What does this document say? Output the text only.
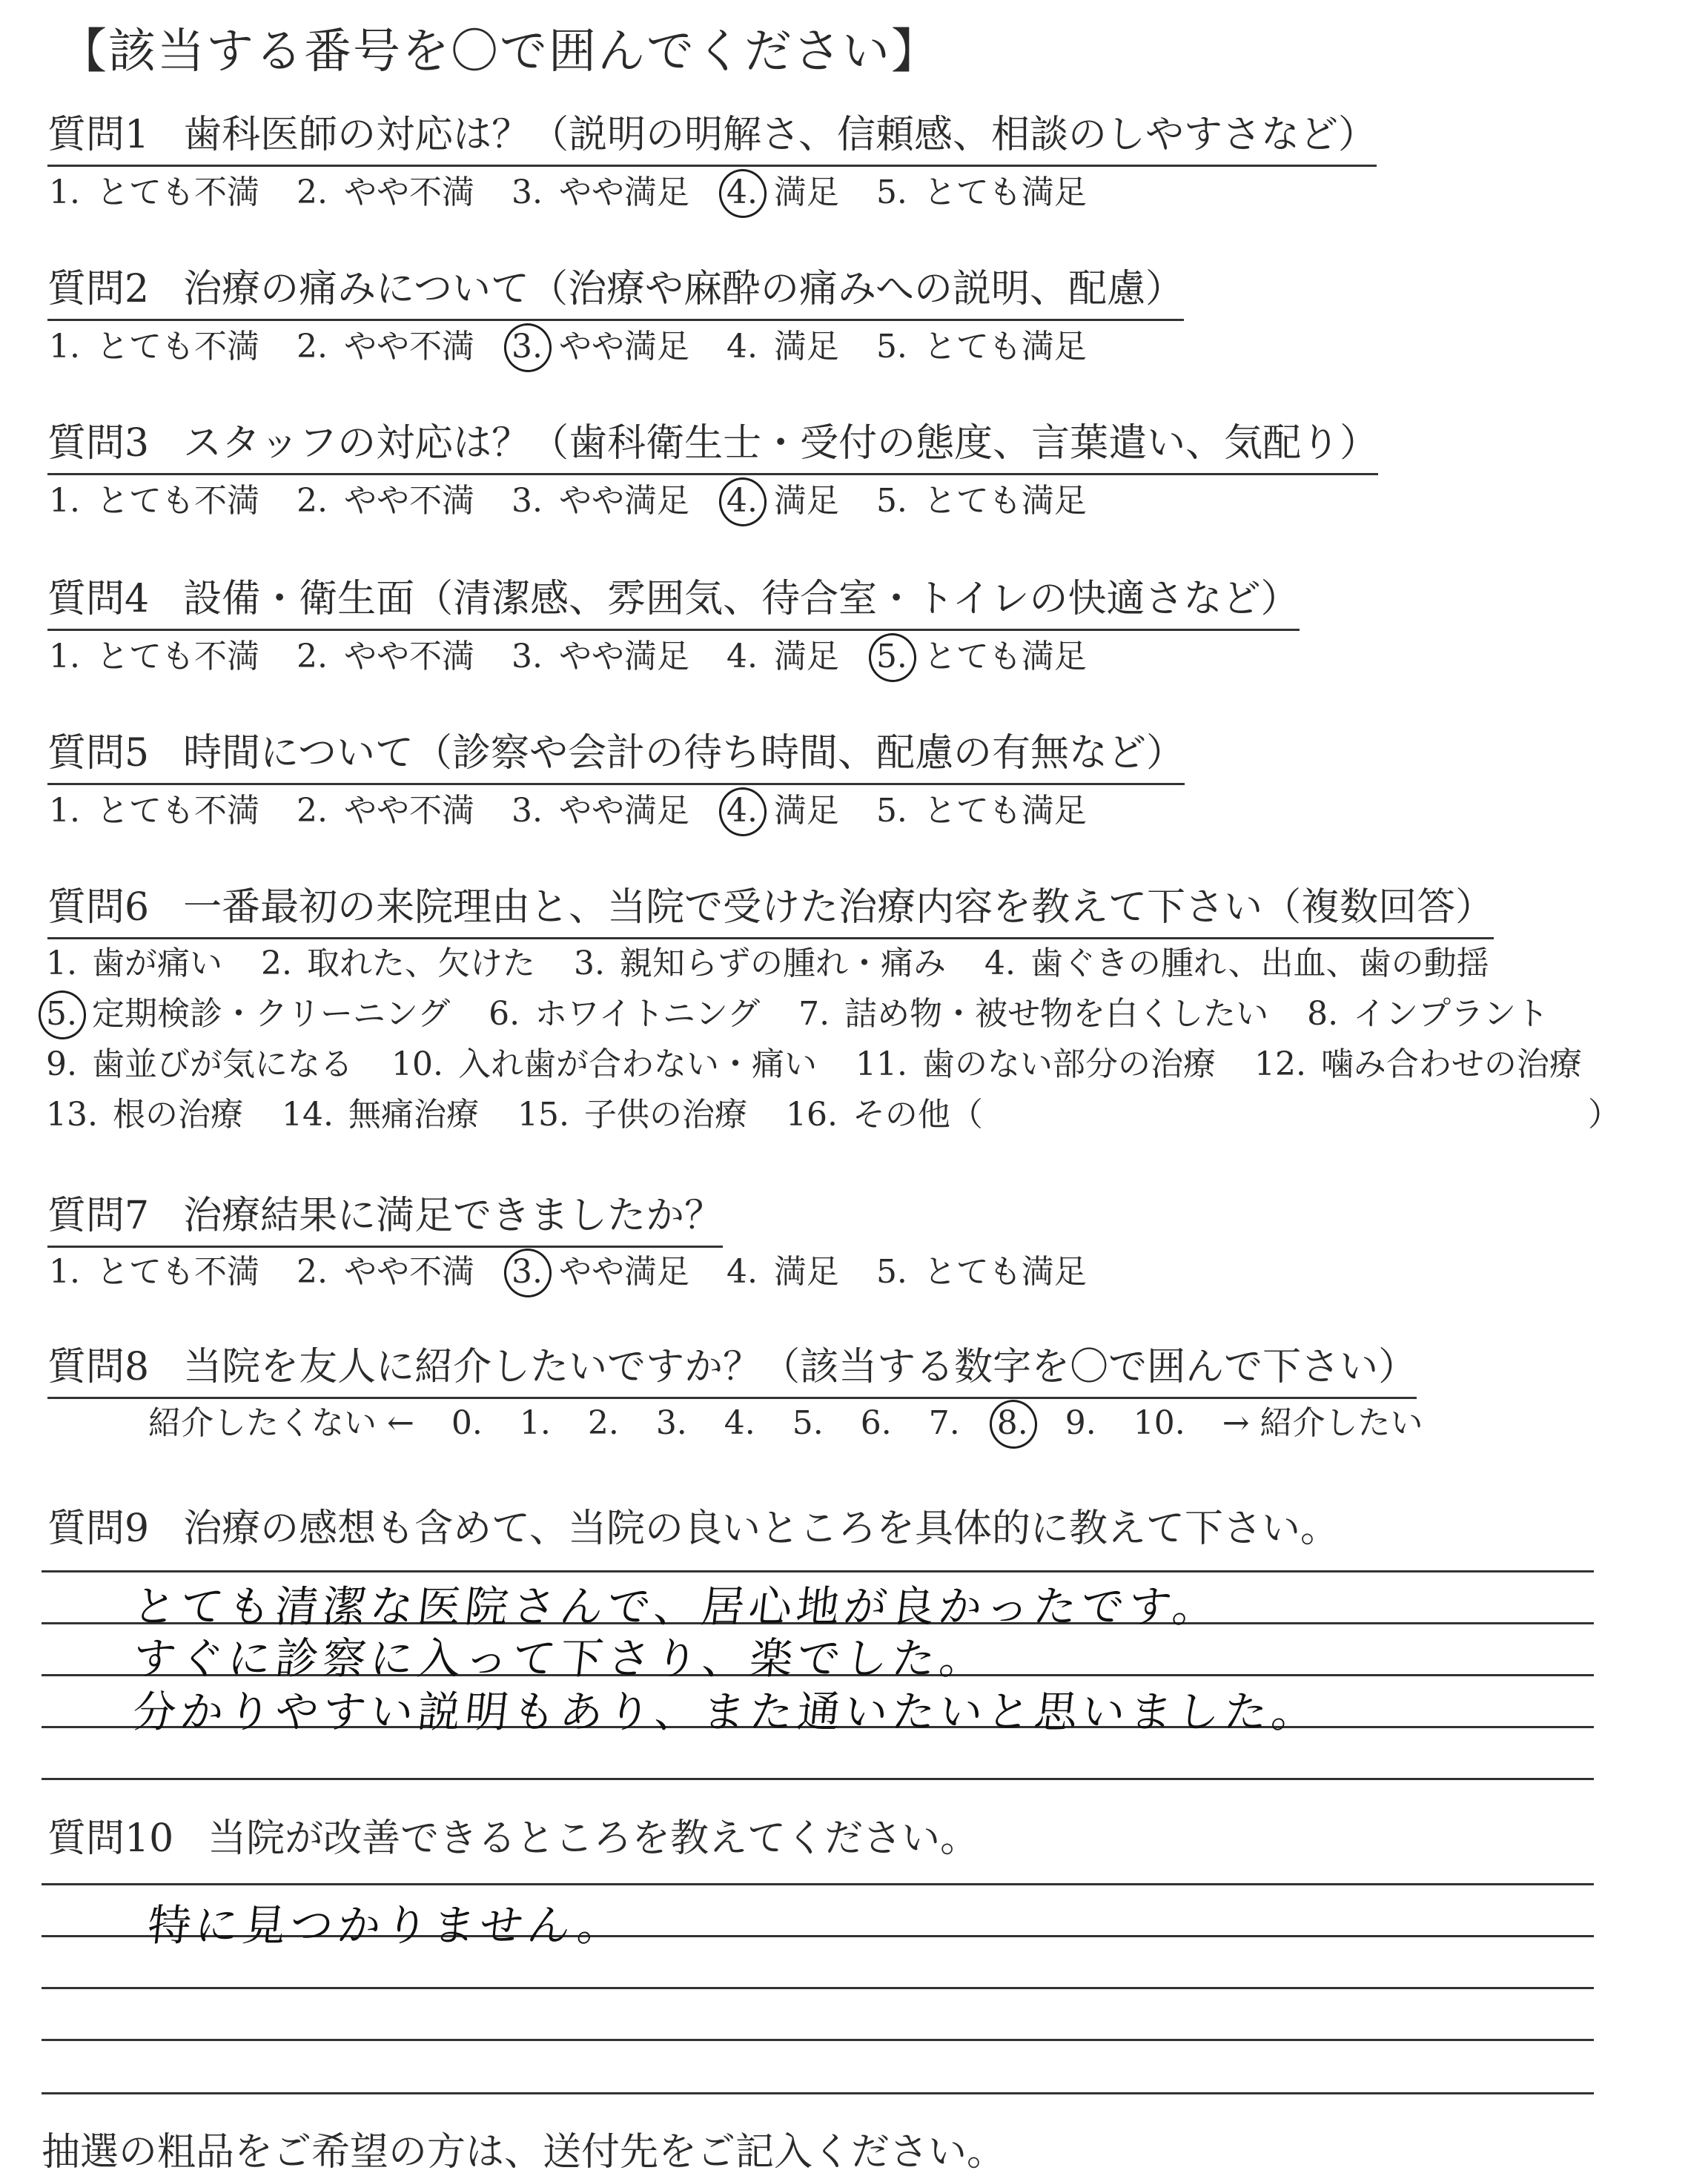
【該当する番号を〇で囲んでください】
質問1 歯科医師の対応は？（説明の明解さ、信頼感、相談のしやすさなど）
1. とても不満 2. やや不満 3. やや満足 4. 満足 5. とても満足
質問2 治療の痛みについて（治療や麻酔の痛みへの説明、配慮）
1. とても不満 2. やや不満 3. やや満足 4. 満足 5. とても満足
質問3 スタッフの対応は？（歯科衛生士・受付の態度、言葉遣い、気配り）
1. とても不満 2. やや不満 3. やや満足 4. 満足 5. とても満足
質問4 設備・衛生面（清潔感、雰囲気、待合室・トイレの快適さなど）
1. とても不満 2. やや不満 3. やや満足 4. 満足 5. とても満足
質問5 時間について（診察や会計の待ち時間、配慮の有無など）
1. とても不満 2. やや不満 3. やや満足 4. 満足 5. とても満足
質問6 一番最初の来院理由と、当院で受けた治療内容を教えて下さい（複数回答）
1. 歯が痛い 2. 取れた、欠けた 3. 親知らずの腫れ・痛み 4. 歯ぐきの腫れ、出血、歯の動揺
5. 定期検診・クリーニング 6. ホワイトニング 7. 詰め物・被せ物を白くしたい 8. インプラント
9. 歯並びが気になる 10. 入れ歯が合わない・痛い 11. 歯のない部分の治療 12. 噛み合わせの治療
13. 根の治療 14. 無痛治療 15. 子供の治療 16. その他（	）
質問7 治療結果に満足できましたか？
1. とても不満 2. やや不満 3. やや満足 4. 満足 5. とても満足
質問8 当院を友人に紹介したいですか？（該当する数字を〇で囲んで下さい）
紹介したくない ← 0. 1. 2. 3. 4. 5. 6. 7. 8. 9. 10. → 紹介したい
質問9 治療の感想も含めて、当院の良いところを具体的に教えて下さい。
とても清潔な医院さんで、居心地が良かったです。
すぐに診察に入って下さり、楽でした。
分かりやすい説明もあり、また通いたいと思いました。
質問10 当院が改善できるところを教えてください。
特に見つかりません。
抽選の粗品をご希望の方は、送付先をご記入ください。
